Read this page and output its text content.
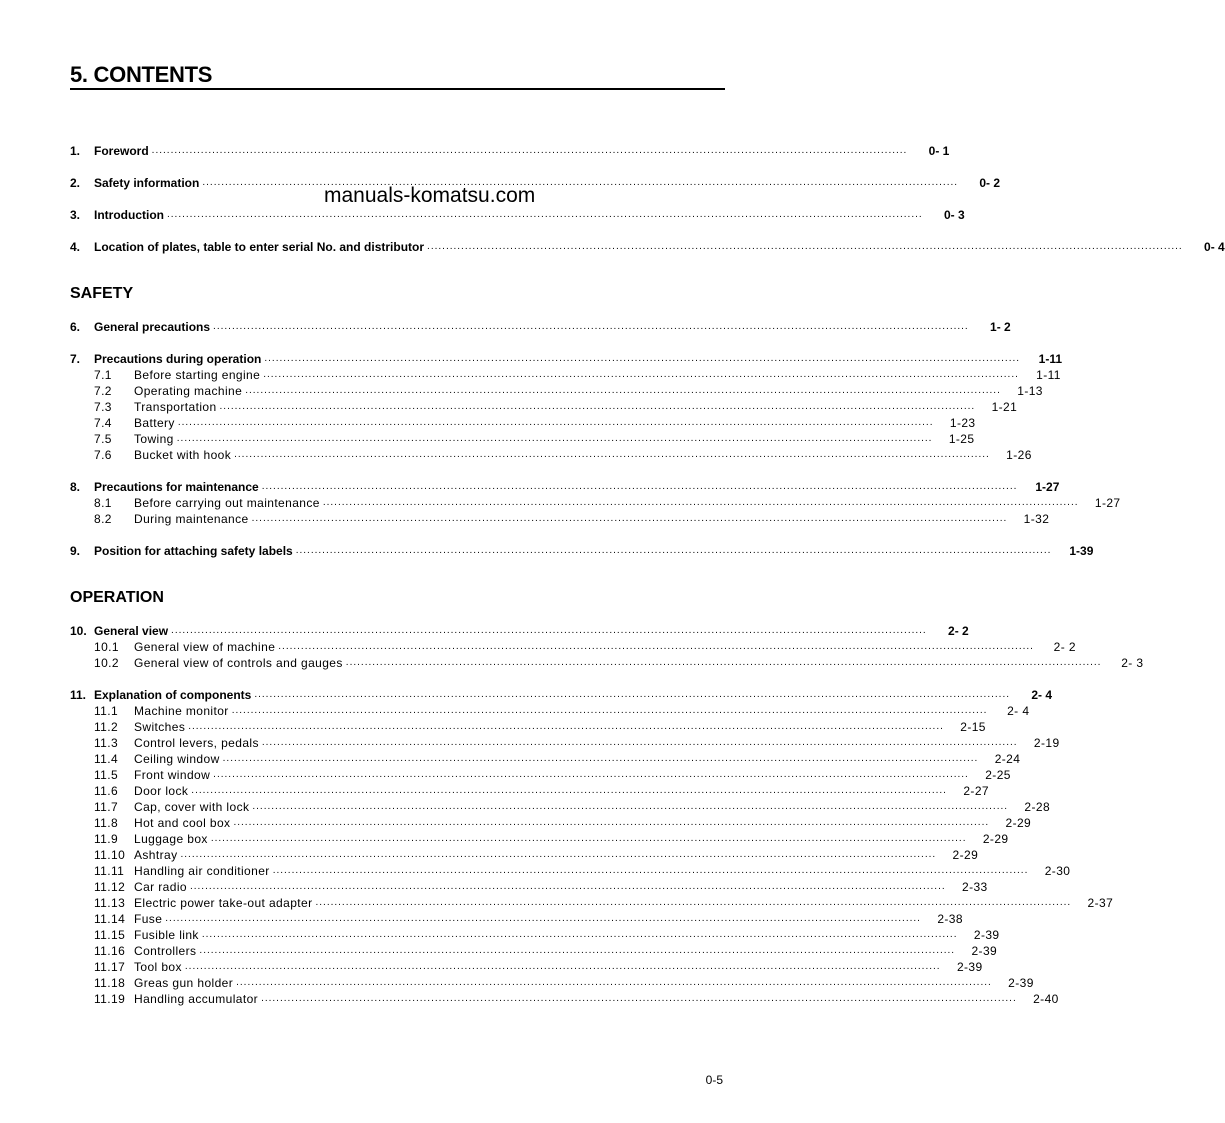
5. CONTENTS
manuals-komatsu.com
1.	Foreword ........................................................................................................................................................................................................	0- 1
2.	Safety information ........................................................................................................................................................................................................	0- 2
3.	Introduction ........................................................................................................................................................................................................	0- 3
4.	Location of plates, table to enter serial No. and distributor ........................................................................................................................................................................................................	0- 4
SAFETY
6.	General precautions ........................................................................................................................................................................................................	1- 2
7.	Precautions during operation ........................................................................................................................................................................................................	1-11
7.1	Before starting engine ........................................................................................................................................................................................................	1-11
7.2	Operating machine ........................................................................................................................................................................................................	1-13
7.3	Transportation ........................................................................................................................................................................................................	1-21
7.4	Battery ........................................................................................................................................................................................................	1-23
7.5	Towing ........................................................................................................................................................................................................	1-25
7.6	Bucket with hook ........................................................................................................................................................................................................	1-26
8.	Precautions for maintenance ........................................................................................................................................................................................................	1-27
8.1	Before carrying out maintenance ........................................................................................................................................................................................................	1-27
8.2	During maintenance ........................................................................................................................................................................................................	1-32
9.	Position for attaching safety labels ........................................................................................................................................................................................................	1-39
OPERATION
10. General view ........................................................................................................................................................................................................	2- 2
10.1	General view of machine ........................................................................................................................................................................................................	2- 2
10.2	General view of controls and gauges ........................................................................................................................................................................................................	2- 3
11. Explanation of components ........................................................................................................................................................................................................	2- 4
11.1	Machine monitor ........................................................................................................................................................................................................	2- 4
11.2	Switches ........................................................................................................................................................................................................	2-15
11.3	Control levers, pedals ........................................................................................................................................................................................................	2-19
11.4	Ceiling window ........................................................................................................................................................................................................	2-24
11.5	Front window ........................................................................................................................................................................................................	2-25
11.6	Door lock ........................................................................................................................................................................................................	2-27
11.7	Cap, cover with lock ........................................................................................................................................................................................................	2-28
11.8	Hot and cool box ........................................................................................................................................................................................................	2-29
11.9	Luggage box ........................................................................................................................................................................................................	2-29
11.10 Ashtray ........................................................................................................................................................................................................	2-29
11.11 Handling air conditioner ........................................................................................................................................................................................................	2-30
11.12 Car radio ........................................................................................................................................................................................................	2-33
11.13 Electric power take-out adapter ........................................................................................................................................................................................................	2-37
11.14 Fuse ........................................................................................................................................................................................................	2-38
11.15 Fusible link ........................................................................................................................................................................................................	2-39
11.16 Controllers ........................................................................................................................................................................................................	2-39
11.17 Tool box ........................................................................................................................................................................................................	2-39
11.18 Greas gun holder ........................................................................................................................................................................................................	2-39
11.19 Handling accumulator ........................................................................................................................................................................................................	2-40
0-5
